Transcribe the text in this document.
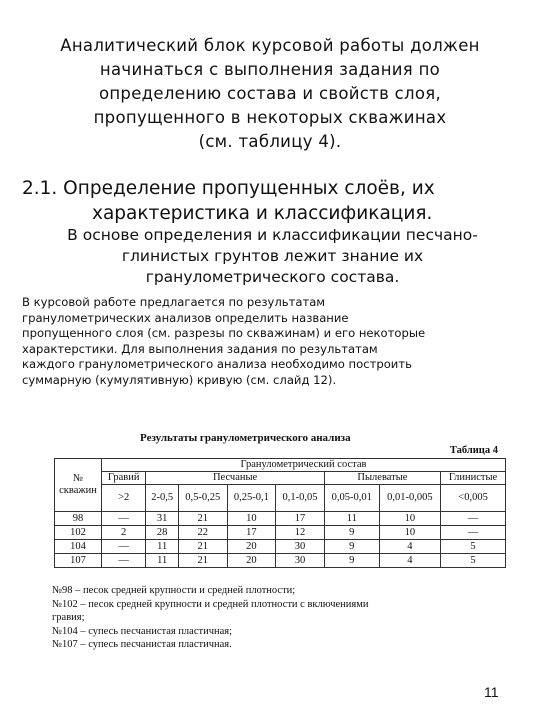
Аналитический блок курсовой работы должен
начинаться с выполнения задания по
определению состава и свойств слоя,
пропущенного в некоторых скважинах
(см. таблицу 4).
2.1. Определение пропущенных слоёв, их
характеристика и классификация.
В основе определения и классификации песчано-
глинистых грунтов лежит знание их
гранулометрического состава.
В курсовой работе предлагается по результатам
гранулометрических анализов определить название
пропущенного слоя (см. разрезы по скважинам) и его некоторые
характерстики. Для выполнения задания по результатам
каждого гранулометрического анализа необходимо построить
суммарную (кумулятивную) кривую (см. слайд 12).
Результаты гранулометрического анализа
Таблица 4
№ скважин	Гранулометрический состав							
	Гравий	Песчаные				Пылеватые		Глинистые
	˃2	2-0,5	0,5-0,25	0,25-0,1	0,1-0,05	0,05-0,01	0,01-0,005	˂0,005
98	—	31	21	10	17	11	10	—
102	2	28	22	17	12	9	10	—
104	—	11	21	20	30	9	4	5
107	—	11	21	20	30	9	4	5
№98 – песок средней крупности и средней плотности;
№102 – песок средней крупности и средней плотности с включениями
гравия;
№104 – супесь песчанистая пластичная;
№107 – супесь песчанистая пластичная.
11
